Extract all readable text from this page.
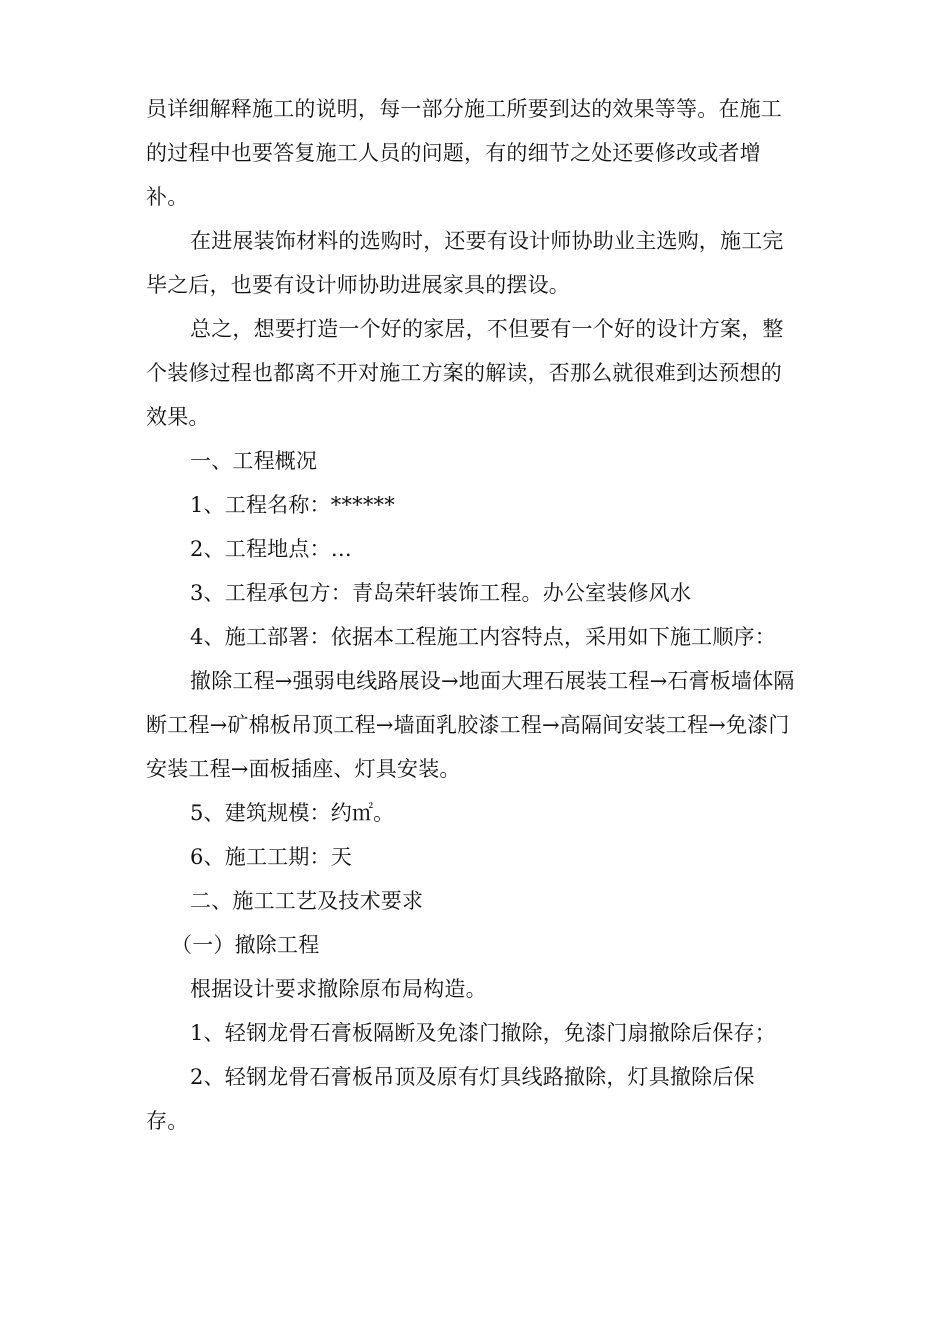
员详细解释施工的说明，每一部分施工所要到达的效果等等。在施工的过程中也要答复施工人员的问题，有的细节之处还要修改或者增补。

在进展装饰材料的选购时，还要有设计师协助业主选购，施工完毕之后，也要有设计师协助进展家具的摆设。

总之，想要打造一个好的家居，不但要有一个好的设计方案，整个装修过程也都离不开对施工方案的解读，否那么就很难到达预想的效果。

一、工程概况

1、工程名称：******

2、工程地点：…

3、工程承包方：青岛荣轩装饰工程。办公室装修风水

4、施工部署：依据本工程施工内容特点，采用如下施工顺序：

撤除工程→强弱电线路展设→地面大理石展装工程→石膏板墙体隔断工程→矿棉板吊顶工程→墙面乳胶漆工程→高隔间安装工程→免漆门安装工程→面板插座、灯具安装。

5、建筑规模：约㎡。

6、施工工期：天

二、施工工艺及技术要求

（一）撤除工程

根据设计要求撤除原布局构造。

1、轻钢龙骨石膏板隔断及免漆门撤除，免漆门扇撤除后保存；

2、轻钢龙骨石膏板吊顶及原有灯具线路撤除，灯具撤除后保存。
